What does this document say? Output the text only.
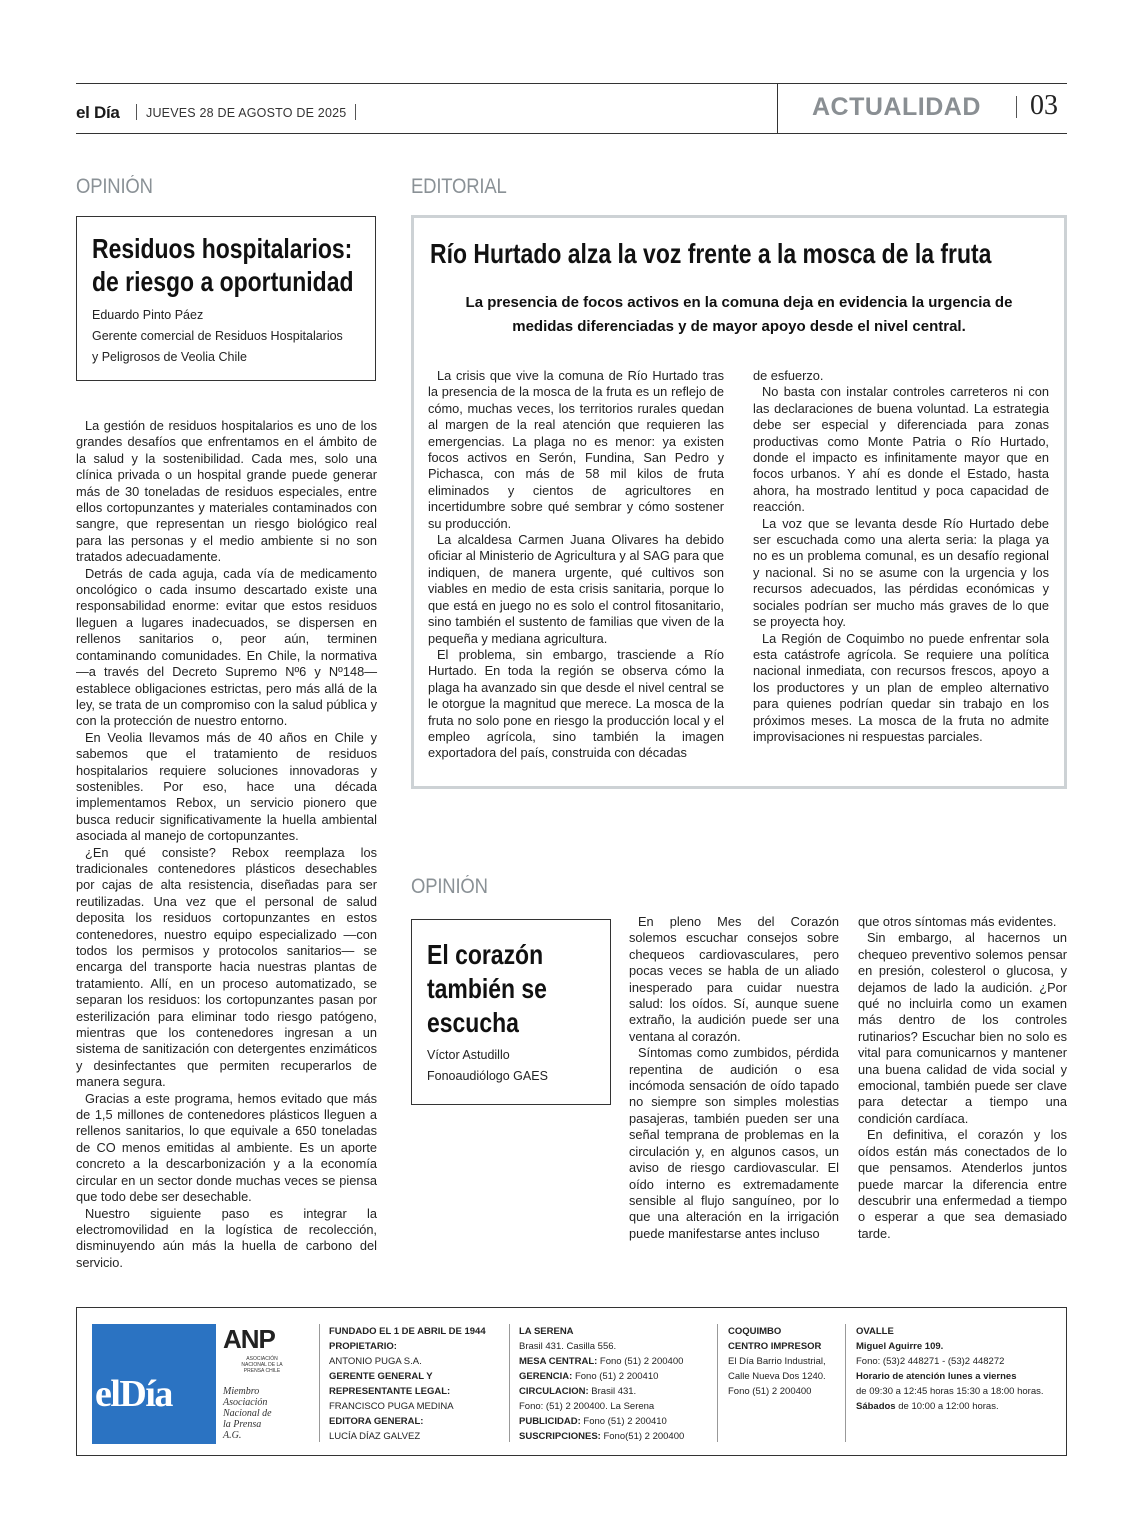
el Día JUEVES 28 DE AGOSTO DE 2025	ACTUALIDAD 03
OPINIÓN
Residuos hospitalarios:
de riesgo a oportunidad
Eduardo Pinto Páez
Gerente comercial de Residuos Hospitalarios
y Peligrosos de Veolia Chile

La gestión de residuos hospitalarios es uno de los grandes desafíos que enfrentamos en el ámbito de la salud y la sostenibilidad. Cada mes, solo una clínica privada o un hospital grande puede generar más de 30 toneladas de residuos especiales, entre ellos cortopunzantes y materiales contaminados con sangre, que representan un riesgo biológico real para las personas y el medio ambiente si no son tratados adecuadamente.

Detrás de cada aguja, cada vía de medicamento oncológico o cada insumo descartado existe una responsabilidad enorme: evitar que estos residuos lleguen a lugares inadecuados, se dispersen en rellenos sanitarios o, peor aún, terminen contaminando comunidades. En Chile, la normativa —a través del Decreto Supremo Nº6 y Nº148— establece obligaciones estrictas, pero más allá de la ley, se trata de un compromiso con la salud pública y con la protección de nuestro entorno.

En Veolia llevamos más de 40 años en Chile y sabemos que el tratamiento de residuos hospitalarios requiere soluciones innovadoras y sostenibles. Por eso, hace una década implementamos Rebox, un servicio pionero que busca reducir significativamente la huella ambiental asociada al manejo de cortopunzantes.

¿En qué consiste? Rebox reemplaza los tradicionales contenedores plásticos desechables por cajas de alta resistencia, diseñadas para ser reutilizadas. Una vez que el personal de salud deposita los residuos cortopunzantes en estos contenedores, nuestro equipo especializado —con todos los permisos y protocolos sanitarios— se encarga del transporte hacia nuestras plantas de tratamiento. Allí, en un proceso automatizado, se separan los residuos: los cortopunzantes pasan por esterilización para eliminar todo riesgo patógeno, mientras que los contenedores ingresan a un sistema de sanitización con detergentes enzimáticos y desinfectantes que permiten recuperarlos de manera segura.

Gracias a este programa, hemos evitado que más de 1,5 millones de contenedores plásticos lleguen a rellenos sanitarios, lo que equivale a 650 toneladas de CO menos emitidas al ambiente. Es un aporte concreto a la descarbonización y a la economía circular en un sector donde muchas veces se piensa que todo debe ser desechable.

Nuestro siguiente paso es integrar la electromovilidad en la logística de recolección, disminuyendo aún más la huella de carbono del servicio.

EDITORIAL
Río Hurtado alza la voz frente a la mosca de la fruta
La presencia de focos activos en la comuna deja en evidencia la urgencia de
medidas diferenciadas y de mayor apoyo desde el nivel central.

La crisis que vive la comuna de Río Hurtado tras la presencia de la mosca de la fruta es un reflejo de cómo, muchas veces, los territorios rurales quedan al margen de la real atención que requieren las emergencias. La plaga no es menor: ya existen focos activos en Serón, Fundina, San Pedro y Pichasca, con más de 58 mil kilos de fruta eliminados y cientos de agricultores en incertidumbre sobre qué sembrar y cómo sostener su producción.

La alcaldesa Carmen Juana Olivares ha debido oficiar al Ministerio de Agricultura y al SAG para que indiquen, de manera urgente, qué cultivos son viables en medio de esta crisis sanitaria, porque lo que está en juego no es solo el control fitosanitario, sino también el sustento de familias que viven de la pequeña y mediana agricultura.

El problema, sin embargo, trasciende a Río Hurtado. En toda la región se observa cómo la plaga ha avanzado sin que desde el nivel central se le otorgue la magnitud que merece. La mosca de la fruta no solo pone en riesgo la producción local y el empleo agrícola, sino también la imagen exportadora del país, construida con décadas

de esfuerzo.

No basta con instalar controles carreteros ni con las declaraciones de buena voluntad. La estrategia debe ser especial y diferenciada para zonas productivas como Monte Patria o Río Hurtado, donde el impacto es infinitamente mayor que en focos urbanos. Y ahí es donde el Estado, hasta ahora, ha mostrado lentitud y poca capacidad de reacción.

La voz que se levanta desde Río Hurtado debe ser escuchada como una alerta seria: la plaga ya no es un problema comunal, es un desafío regional y nacional. Si no se asume con la urgencia y los recursos adecuados, las pérdidas económicas y sociales podrían ser mucho más graves de lo que se proyecta hoy.

La Región de Coquimbo no puede enfrentar sola esta catástrofe agrícola. Se requiere una política nacional inmediata, con recursos frescos, apoyo a los productores y un plan de empleo alternativo para quienes podrían quedar sin trabajo en los próximos meses. La mosca de la fruta no admite improvisaciones ni respuestas parciales.

OPINIÓN
El corazón
también se
escucha
Víctor Astudillo
Fonoaudiólogo GAES

En pleno Mes del Corazón solemos escuchar consejos sobre chequeos cardiovasculares, pero pocas veces se habla de un aliado inesperado para cuidar nuestra salud: los oídos. Sí, aunque suene extraño, la audición puede ser una ventana al corazón.

Síntomas como zumbidos, pérdida repentina de audición o esa incómoda sensación de oído tapado no siempre son simples molestias pasajeras, también pueden ser una señal temprana de problemas en la circulación y, en algunos casos, un aviso de riesgo cardiovascular. El oído interno es extremadamente sensible al flujo sanguíneo, por lo que una alteración en la irrigación puede manifestarse antes incluso

que otros síntomas más evidentes.

Sin embargo, al hacernos un chequeo preventivo solemos pensar en presión, colesterol o glucosa, y dejamos de lado la audición. ¿Por qué no incluirla como un examen más dentro de los controles rutinarios? Escuchar bien no solo es vital para comunicarnos y mantener una buena calidad de vida social y emocional, también puede ser clave para detectar a tiempo una condición cardíaca.

En definitiva, el corazón y los oídos están más conectados de lo que pensamos. Atenderlos juntos puede marcar la diferencia entre descubrir una enfermedad a tiempo o esperar a que sea demasiado tarde.

elDía
ANP
ASOCIACIÓN NACIONAL DE LA PRENSA CHILE
Miembro
Asociación
Nacional de
la Prensa
A.G.
FUNDADO EL 1 DE ABRIL DE 1944
PROPIETARIO:
ANTONIO PUGA S.A.
GERENTE GENERAL Y
REPRESENTANTE LEGAL:
FRANCISCO PUGA MEDINA
EDITORA GENERAL:
LUCÍA DÍAZ GALVEZ
LA SERENA
Brasil 431. Casilla 556.
MESA CENTRAL: Fono (51) 2 200400
GERENCIA: Fono (51) 2 200410
CIRCULACION: Brasil 431.
Fono: (51) 2 200400. La Serena
PUBLICIDAD: Fono (51) 2 200410
SUSCRIPCIONES: Fono(51) 2 200400
COQUIMBO
CENTRO IMPRESOR
El Día Barrio Industrial,
Calle Nueva Dos 1240.
Fono (51) 2 200400
OVALLE
Miguel Aguirre 109.
Fono: (53)2 448271 - (53)2 448272
Horario de atención lunes a viernes
de 09:30 a 12:45 horas 15:30 a 18:00 horas.
Sábados de 10:00 a 12:00 horas.
